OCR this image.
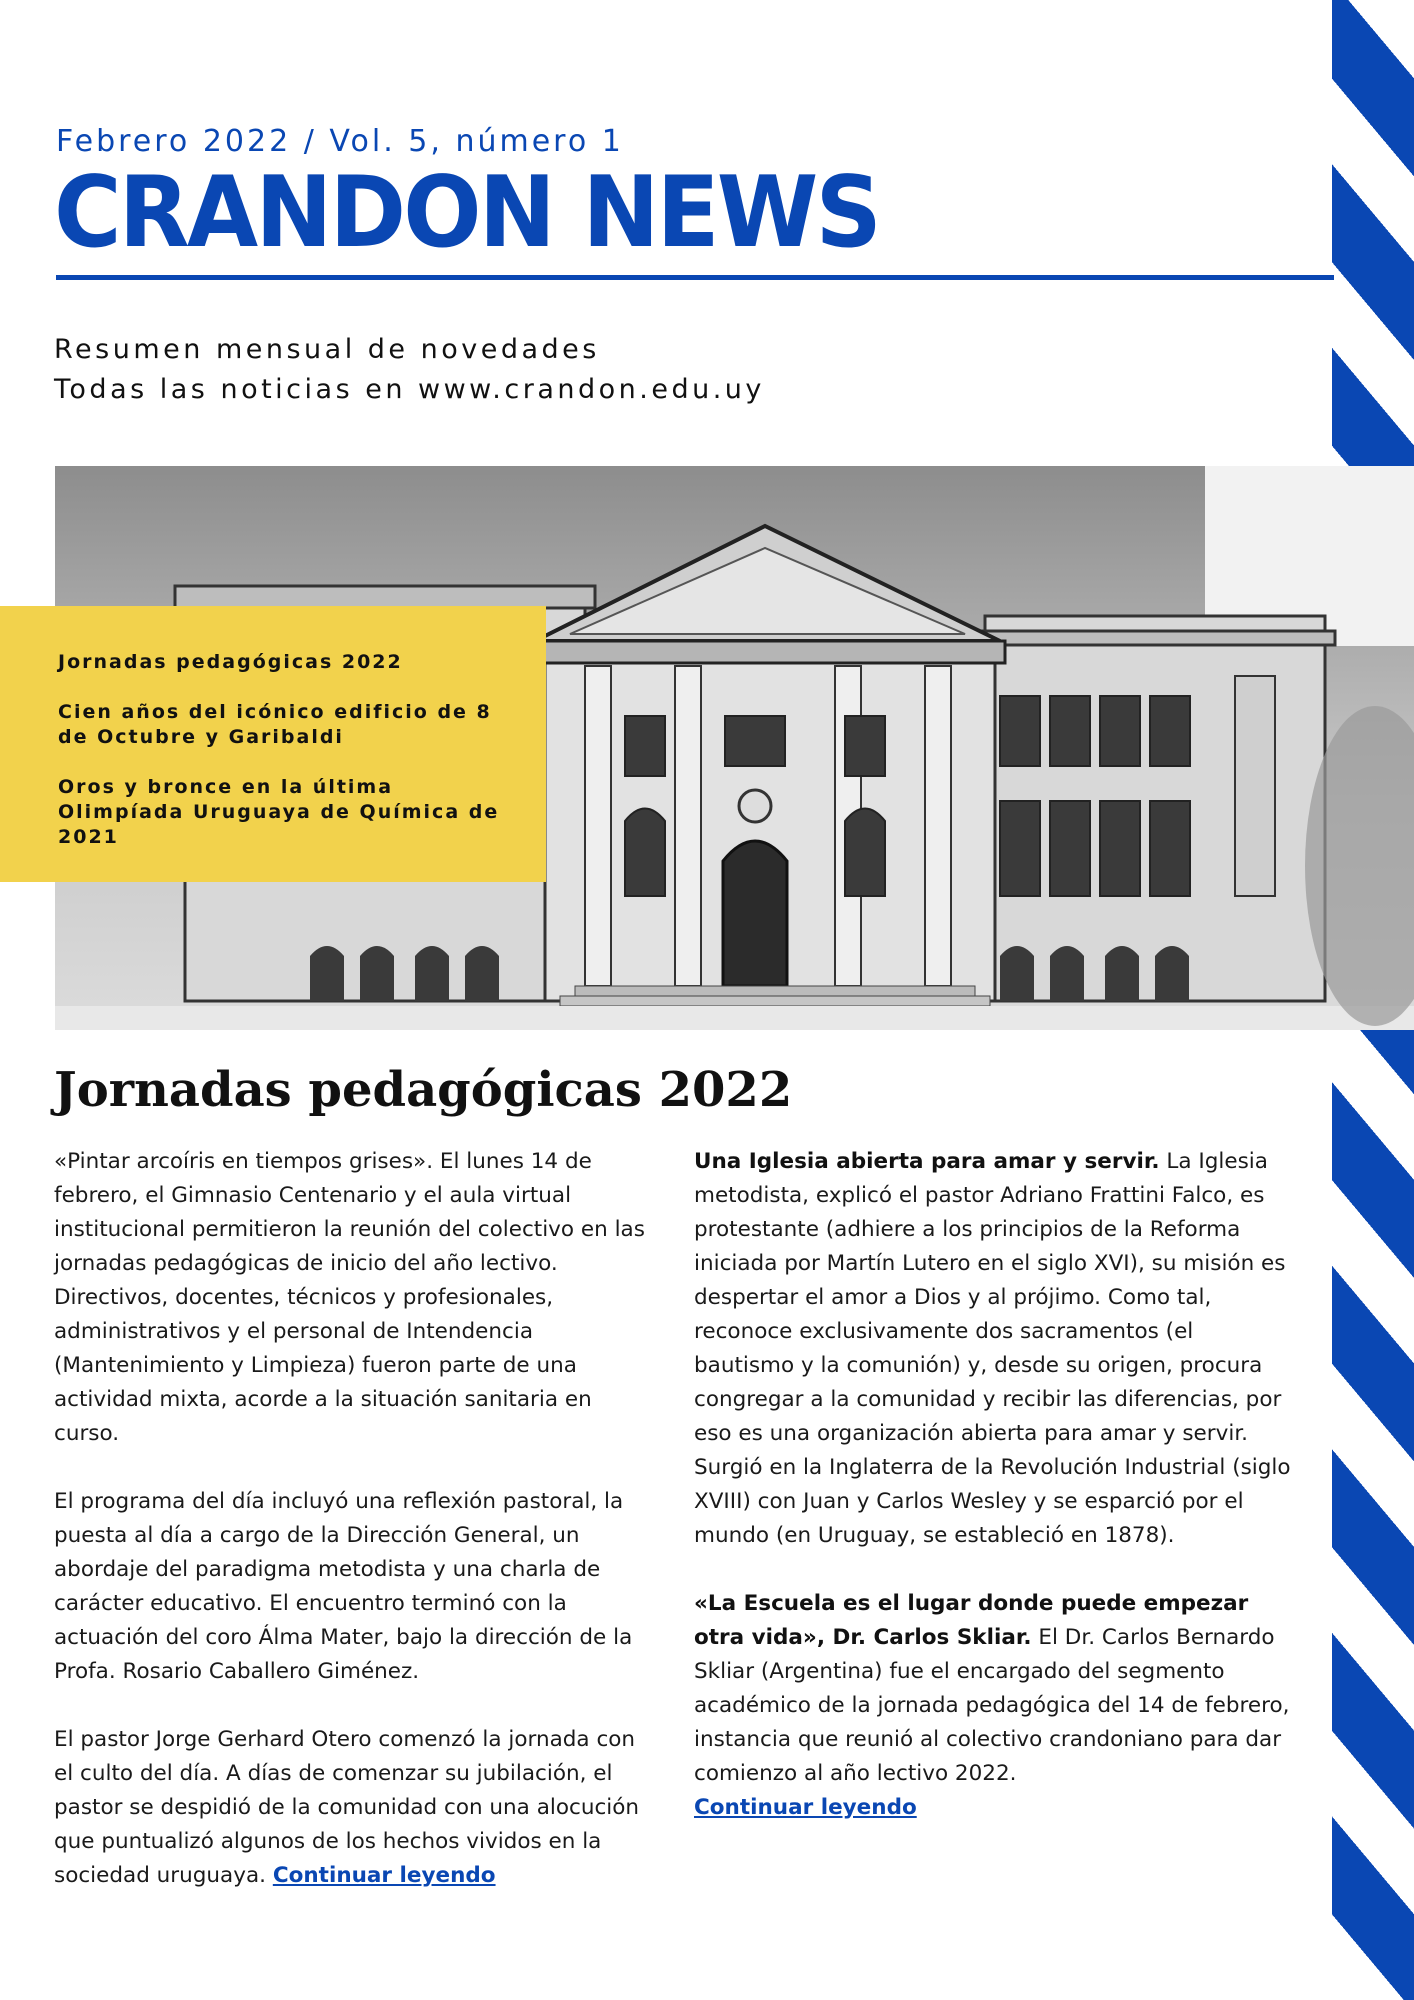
Febrero 2022 / Vol. 5, número 1
CRANDON NEWS
Resumen mensual de novedades
Todas las noticias en www.crandon.edu.uy
Jornadas pedagógicas 2022
Cien años del icónico edificio de 8 de Octubre y Garibaldi
Oros y bronce en la última Olimpíada Uruguaya de Química de 2021
Jornadas pedagógicas 2022

«Pintar arcoíris en tiempos grises». El lunes 14 de febrero, el Gimnasio Centenario y el aula virtual institucional permitieron la reunión del colectivo en las jornadas pedagógicas de inicio del año lectivo. Directivos, docentes, técnicos y profesionales, administrativos y el personal de Intendencia (Mantenimiento y Limpieza) fueron parte de una actividad mixta, acorde a la situación sanitaria en curso.

El programa del día incluyó una reflexión pastoral, la puesta al día a cargo de la Dirección General, un abordaje del paradigma metodista y una charla de carácter educativo. El encuentro terminó con la actuación del coro Álma Mater, bajo la dirección de la Profa. Rosario Caballero Giménez.

El pastor Jorge Gerhard Otero comenzó la jornada con el culto del día. A días de comenzar su jubilación, el pastor se despidió de la comunidad con una alocución que puntualizó algunos de los hechos vividos en la sociedad uruguaya. Continuar leyendo

Una Iglesia abierta para amar y servir. La Iglesia metodista, explicó el pastor Adriano Frattini Falco, es protestante (adhiere a los principios de la Reforma iniciada por Martín Lutero en el siglo XVI), su misión es despertar el amor a Dios y al prójimo. Como tal, reconoce exclusivamente dos sacramentos (el bautismo y la comunión) y, desde su origen, procura congregar a la comunidad y recibir las diferencias, por eso es una organización abierta para amar y servir. Surgió en la Inglaterra de la Revolución Industrial (siglo XVIII) con Juan y Carlos Wesley y se esparció por el mundo (en Uruguay, se estableció en 1878).

«La Escuela es el lugar donde puede empezar otra vida», Dr. Carlos Skliar. El Dr. Carlos Bernardo Skliar (Argentina) fue el encargado del segmento académico de la jornada pedagógica del 14 de febrero, instancia que reunió al colectivo crandoniano para dar comienzo al año lectivo 2022.

Continuar leyendo
